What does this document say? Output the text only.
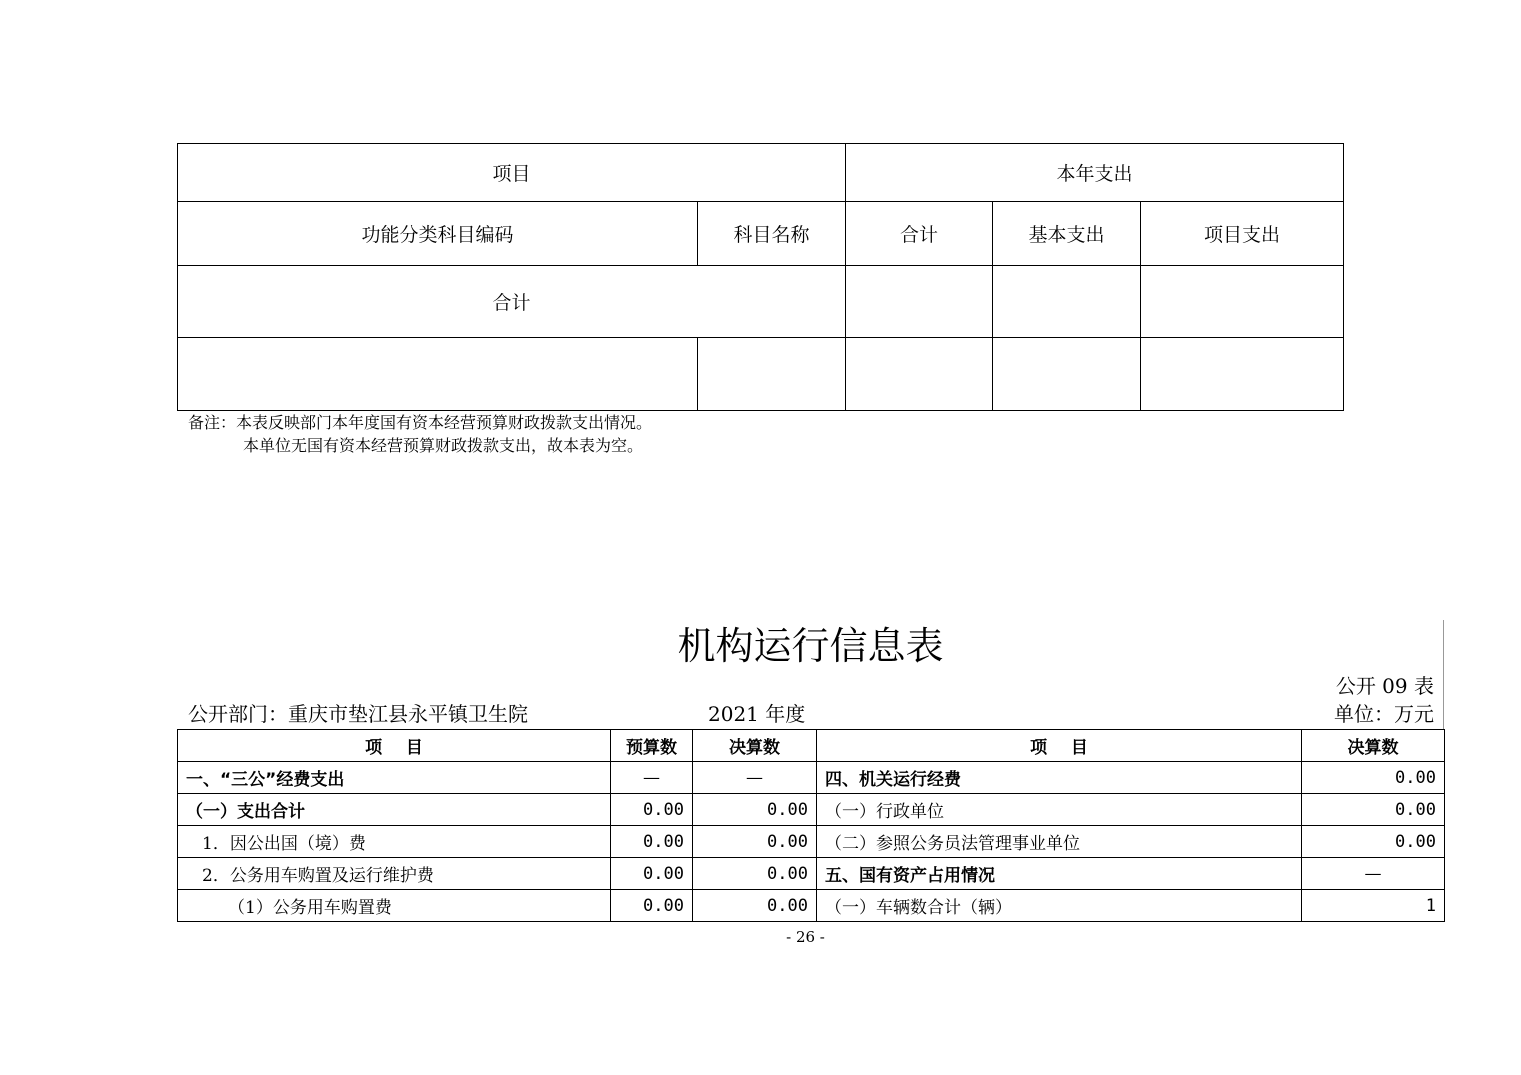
项目		本年支出		
功能分类科目编码	科目名称	合计	基本支出	项目支出
合计				

备注：本表反映部门本年度国有资本经营预算财政拨款支出情况。
本单位无国有资本经营预算财政拨款支出，故本表为空。
机构运行信息表
公开 09 表
单位：万元
公开部门：重庆市垫江县永平镇卫生院	2021 年度
项    目	预算数	决算数	项    目	决算数
一、“三公”经费支出	—	—	四、机关运行经费	0.00
（一）支出合计	0.00	0.00	（一）行政单位	0.00
1．因公出国（境）费	0.00	0.00	（二）参照公务员法管理事业单位	0.00
2．公务用车购置及运行维护费	0.00	0.00	五、国有资产占用情况	—
（1）公务用车购置费	0.00	0.00	（一）车辆数合计（辆）	1
- 26 -
